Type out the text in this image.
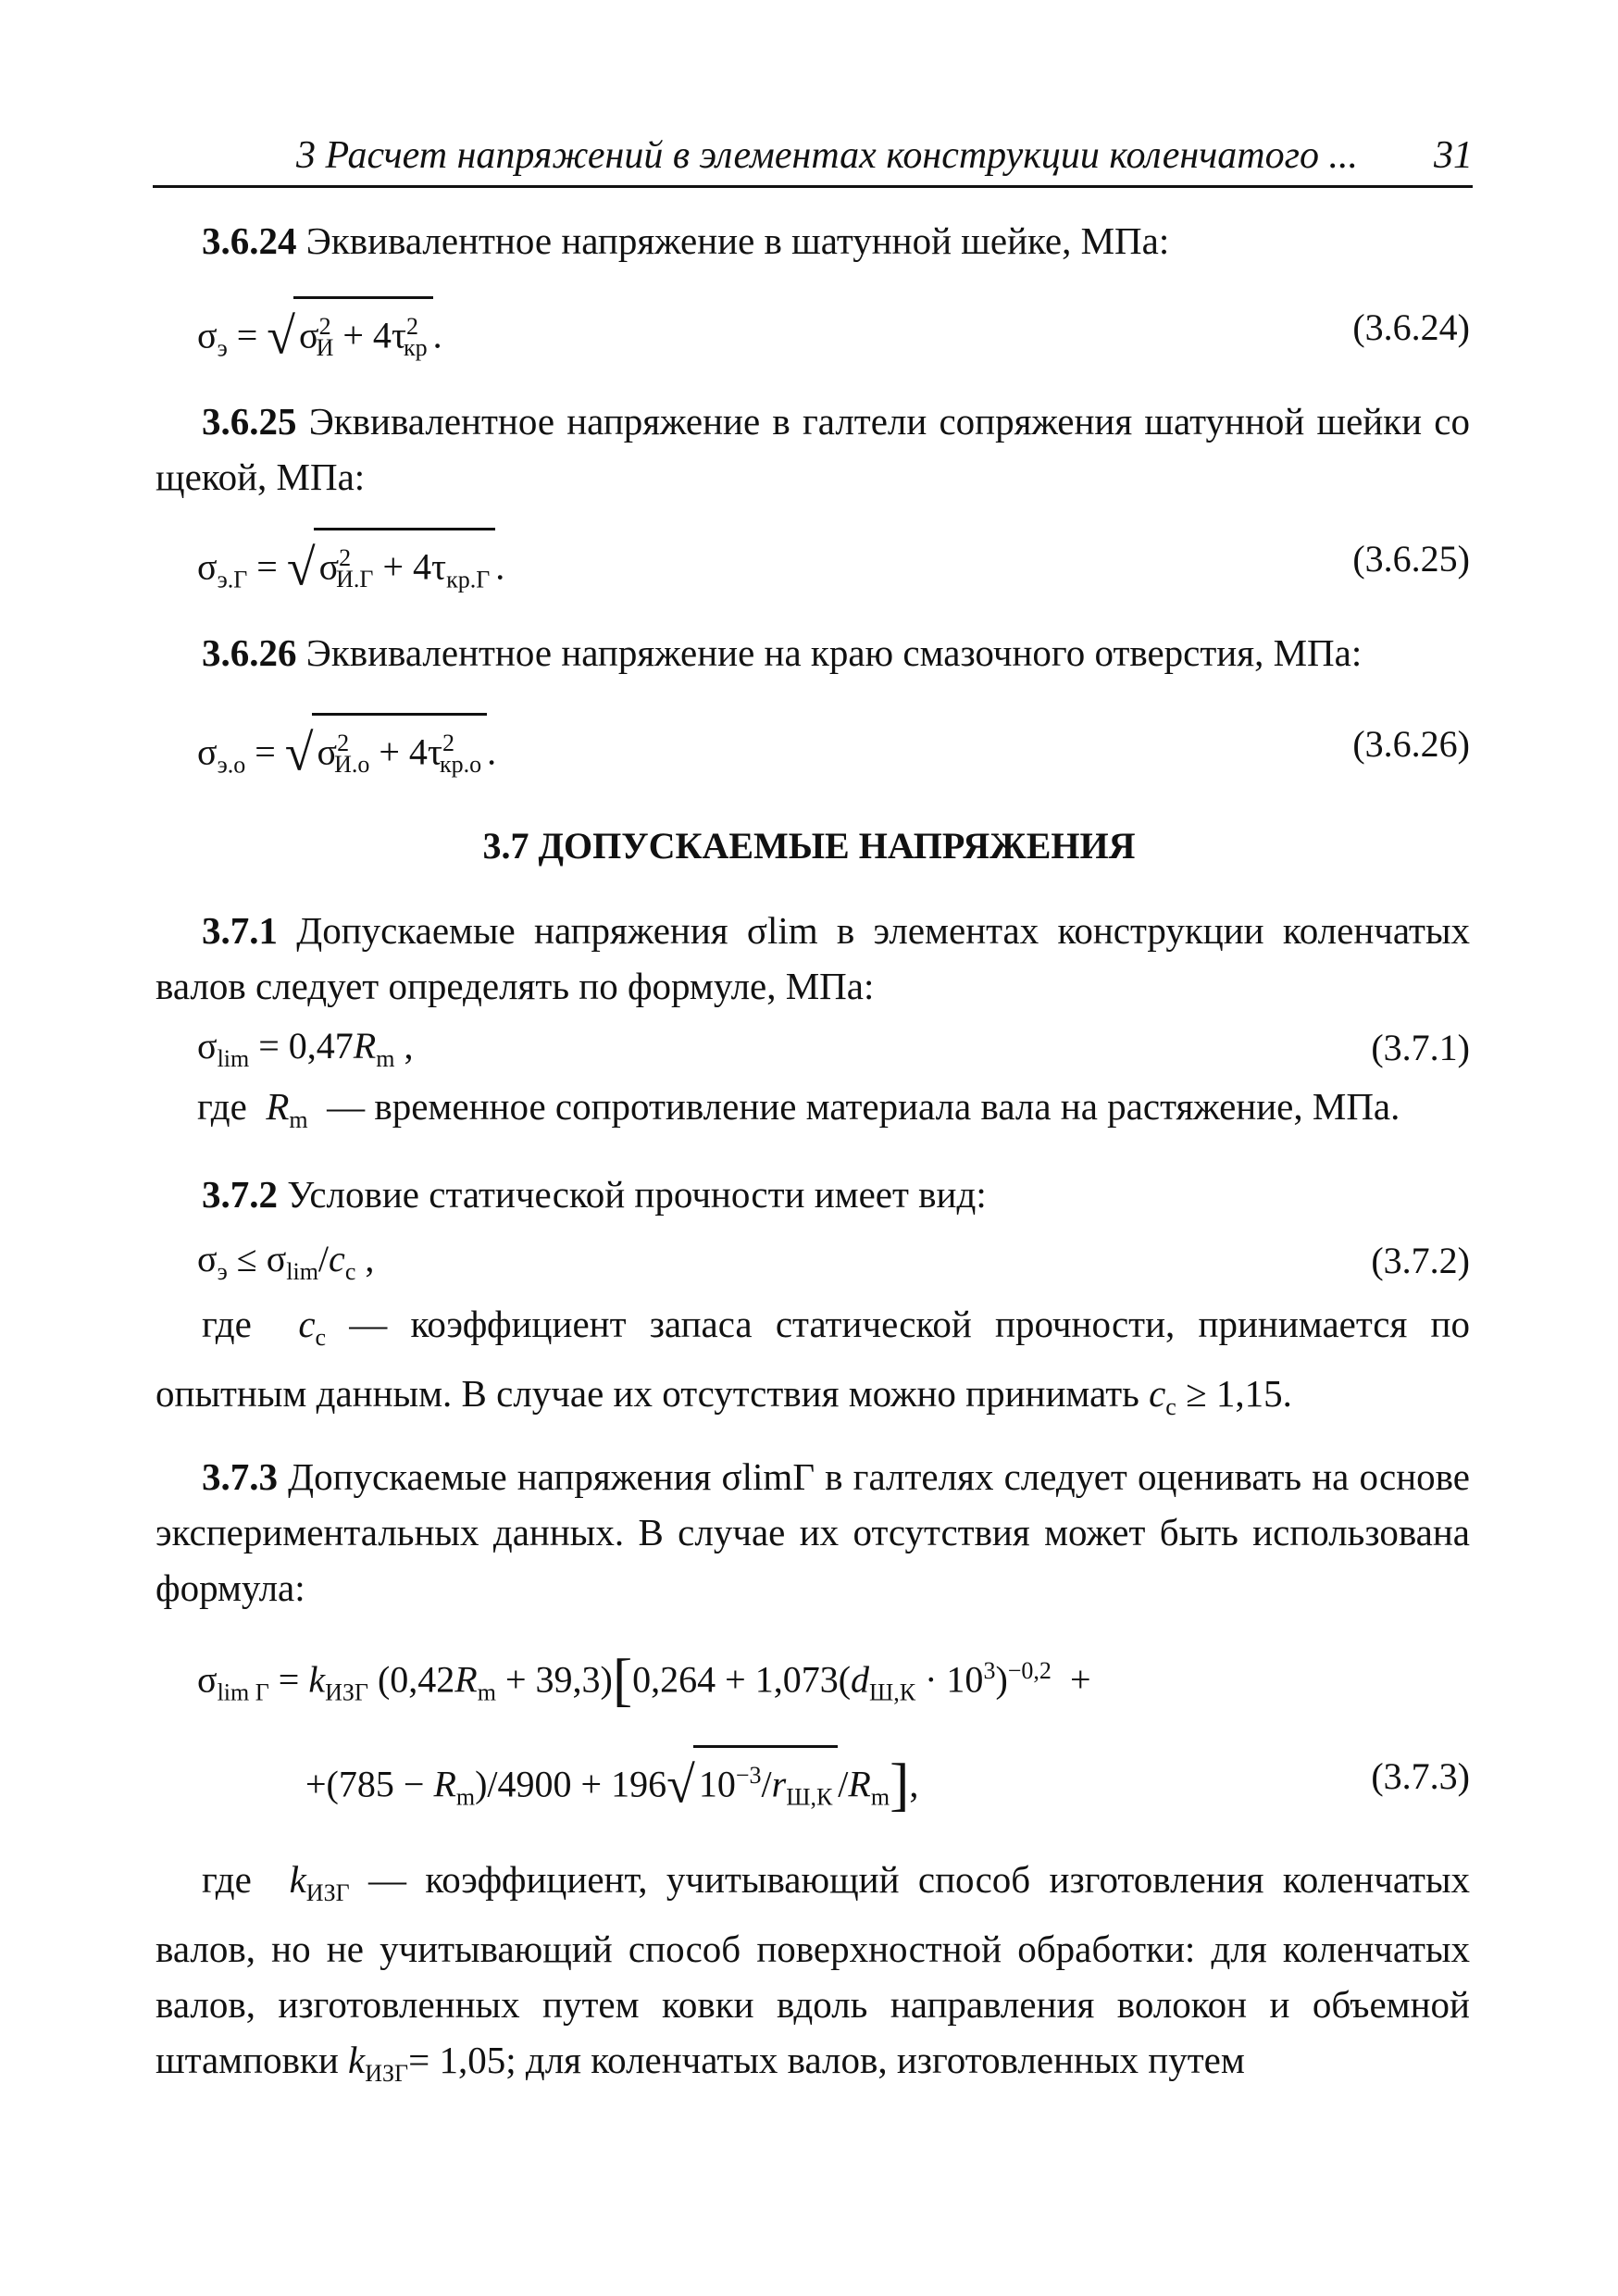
3 Расчет напряжений в элементах конструкции коленчатого ... 31
3.6.24 Эквивалентное напряжение в шатунной шейке, МПа:
$\sigma_э$ = √ $\sigma^2_И + 4\tau^2_{кр}$ .	(3.6.24)
3.6.25 Эквивалентное напряжение в галтели сопряжения шатунной шейки со щекой, МПа:
$\sigma_{э.Г}$ = √ $\sigma^2_{И.Г} + 4\tau_{кр.Г}$ .	(3.6.25)
3.6.26 Эквивалентное напряжение на краю смазочного отверстия, МПа:
$\sigma_{э.о}$ = √ $\sigma^2_{И.о} + 4\tau^2_{кр.о}$ .	(3.6.26)
3.7 ДОПУСКАЕМЫЕ НАПРЯЖЕНИЯ
3.7.1 Допускаемые напряжения σlim в элементах конструкции коленчатых валов следует определять по формуле, МПа:
$\sigma_{lim} = 0,47R_m$ ,	(3.7.1)
где  $R_m$ — временное сопротивление материала вала на растяжение, МПа.
3.7.2 Условие статической прочности имеет вид:
$\sigma_э \le \sigma_{lim}/c_с$ ,	(3.7.2)
где  $c_с$ — коэффициент запаса статической прочности, принимается по опытным данным. В случае их отсутствия можно принимать $c_с \ge 1,15$.
3.7.3 Допускаемые напряжения σlimГ в галтелях следует оценивать на основе экспериментальных данных. В случае их отсутствия может быть использована формула:
$\sigma_{lim Г} = k_{ИЗГ}$ $(0,42R_m + 39,3)[0,264 + 1,073(d_{Ш,К} \cdot 10^3)^{-0,2}$  +
$+(785 - R_m)/4900 + 196√$ $10^{-3}/r_{Ш,К}$ $/R_m$],	(3.7.3)
где  $k_{ИЗГ}$ — коэффициент, учитывающий способ изготовления коленчатых валов, но не учитывающий способ поверхностной обработки: для коленчатых валов, изготовленных путем ковки вдоль направления волокон и объемной штамповки $k_{ИЗГ}= 1,05$; для коленчатых валов, изготовленных путем
